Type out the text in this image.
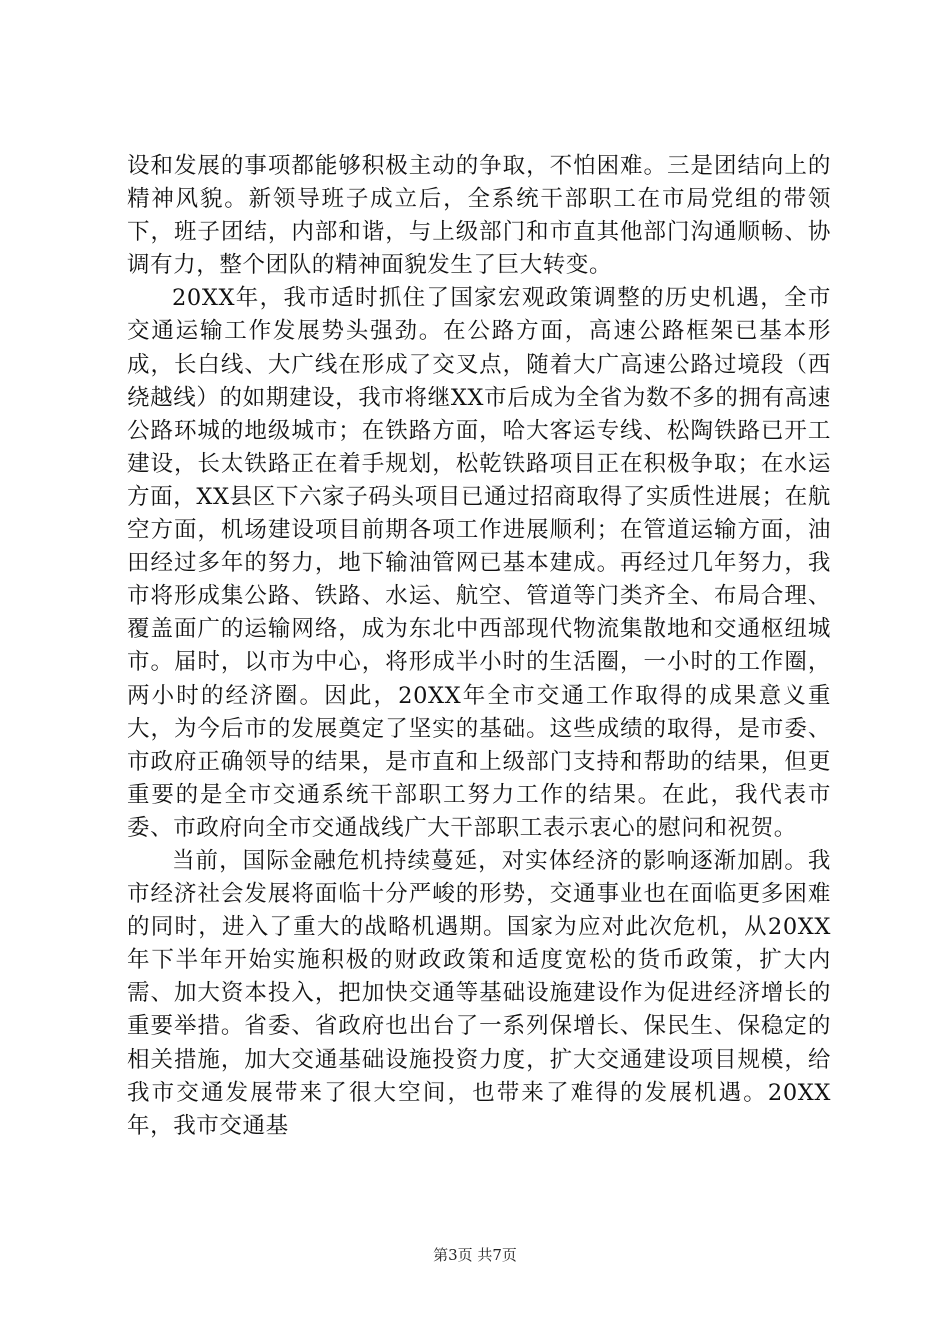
设和发展的事项都能够积极主动的争取，不怕困难。三是团结向上的精神风貌。新领导班子成立后，全系统干部职工在市局党组的带领下，班子团结，内部和谐，与上级部门和市直其他部门沟通顺畅、协调有力，整个团队的精神面貌发生了巨大转变。

20XX年，我市适时抓住了国家宏观政策调整的历史机遇，全市交通运输工作发展势头强劲。在公路方面，高速公路框架已基本形成，长白线、大广线在形成了交叉点，随着大广高速公路过境段（西绕越线）的如期建设，我市将继XX市后成为全省为数不多的拥有高速公路环城的地级城市；在铁路方面，哈大客运专线、松陶铁路已开工建设，长太铁路正在着手规划，松乾铁路项目正在积极争取；在水运方面，XX县区下六家子码头项目已通过招商取得了实质性进展；在航空方面，机场建设项目前期各项工作进展顺利；在管道运输方面，油田经过多年的努力，地下输油管网已基本建成。再经过几年努力，我市将形成集公路、铁路、水运、航空、管道等门类齐全、布局合理、覆盖面广的运输网络，成为东北中西部现代物流集散地和交通枢纽城市。届时，以市为中心，将形成半小时的生活圈，一小时的工作圈，两小时的经济圈。因此，20XX年全市交通工作取得的成果意义重大，为今后市的发展奠定了坚实的基础。这些成绩的取得，是市委、市政府正确领导的结果，是市直和上级部门支持和帮助的结果，但更重要的是全市交通系统干部职工努力工作的结果。在此，我代表市委、市政府向全市交通战线广大干部职工表示衷心的慰问和祝贺。

当前，国际金融危机持续蔓延，对实体经济的影响逐渐加剧。我市经济社会发展将面临十分严峻的形势，交通事业也在面临更多困难的同时，进入了重大的战略机遇期。国家为应对此次危机，从20XX年下半年开始实施积极的财政政策和适度宽松的货币政策，扩大内需、加大资本投入，把加快交通等基础设施建设作为促进经济增长的重要举措。省委、省政府也出台了一系列保增长、保民生、保稳定的相关措施，加大交通基础设施投资力度，扩大交通建设项目规模，给我市交通发展带来了很大空间，也带来了难得的发展机遇。20XX年，我市交通基

第3页 共7页
